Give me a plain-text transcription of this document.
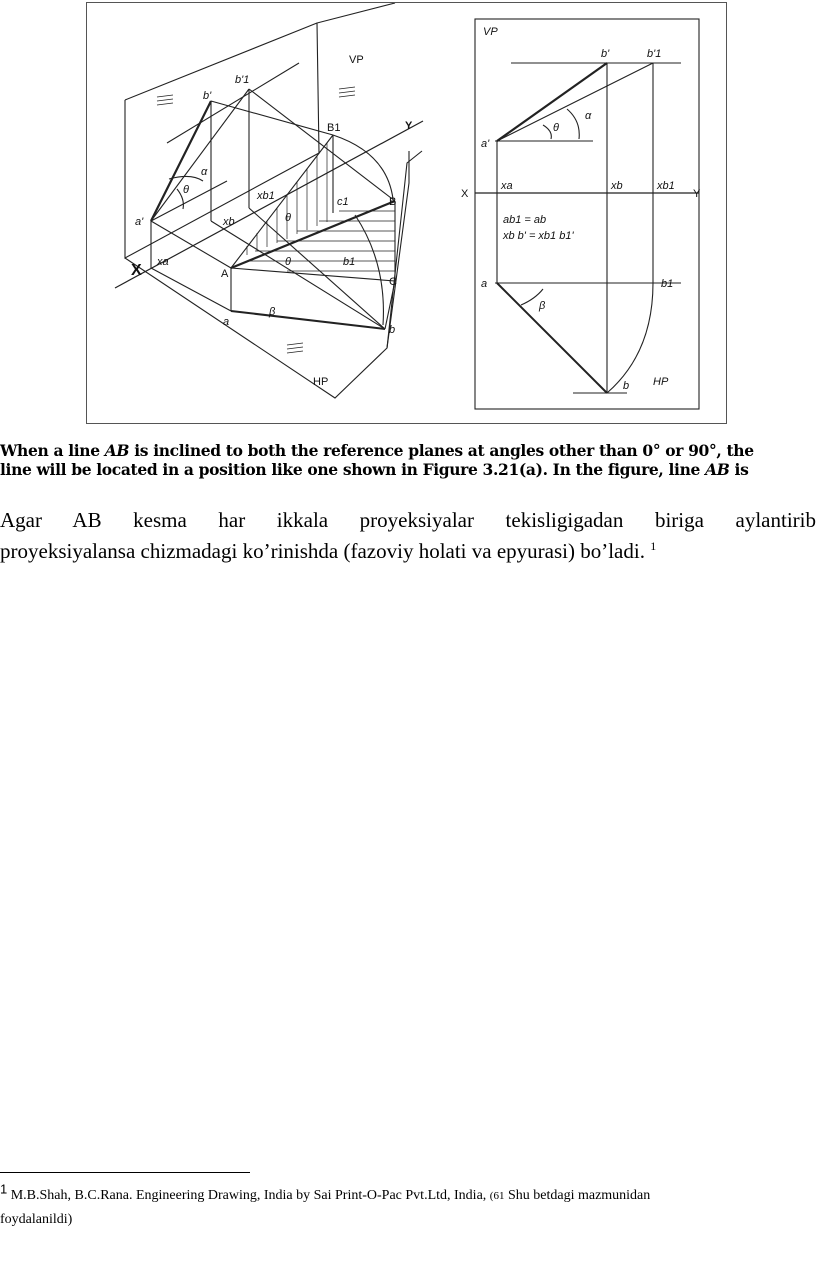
VP
HP
X
Y
a'
b'
b'1
α
θ
θ
θ
β
xa
xb
xb1
A
B
B1
C
c1
b1
a
b
VP
HP
X	Y
b'	b'1
a'
α
θ
β
xa	xb	xb1
ab1 = ab
xb b' = xb1 b1'
a	b1
b
When a line AB is inclined to both the reference planes at angles other than 0° or 90°, the
line will be located in a position like one shown in Figure 3.21(a). In the figure, line AB is
Agar AB kesma har ikkala proyeksiyalar tekisligigadan biriga aylantirib
proyeksiyalansa chizmadagi ko’rinishda (fazoviy holati va epyurasi) bo’ladi. $^1$
1 M.B.Shah, B.C.Rana. Engineering Drawing, India by Sai Print-O-Pac Pvt.Ltd, India, (61 Shu betdagi mazmunidan
foydalanildi)
